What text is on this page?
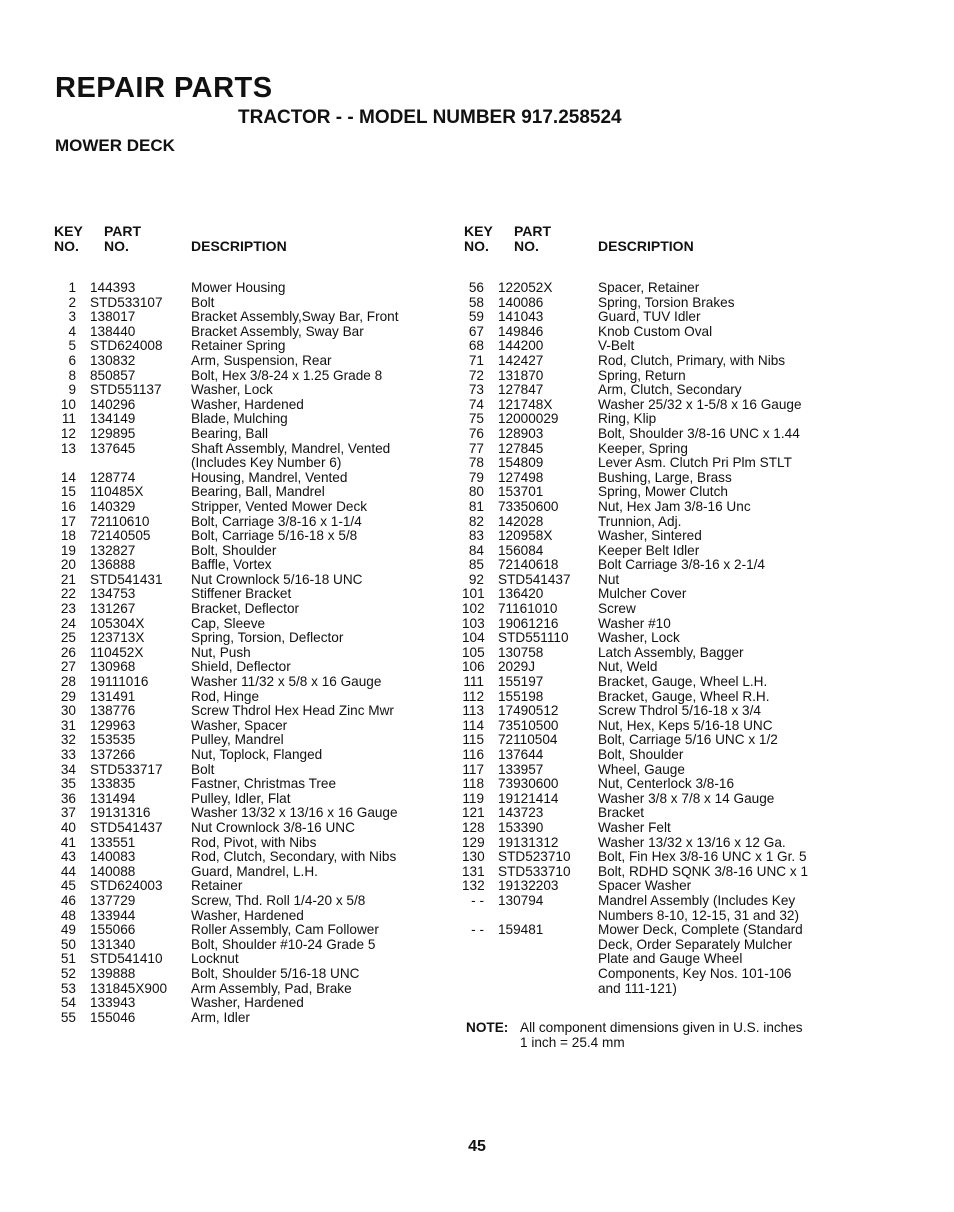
REPAIR PARTS
TRACTOR - - MODEL NUMBER 917.258524
MOWER DECK
KEY PART
NO. NO.	DESCRIPTION
1	144393	Mower Housing
2	STD533107	Bolt
3	138017	Bracket Assembly,Sway Bar, Front
4	138440	Bracket Assembly, Sway Bar
5	STD624008	Retainer Spring
6	130832	Arm, Suspension, Rear
8	850857	Bolt, Hex 3/8-24 x 1.25 Grade 8
9	STD551137	Washer, Lock
10	140296	Washer, Hardened
11	134149	Blade, Mulching
12	129895	Bearing, Ball
13	137645	Shaft Assembly, Mandrel, Vented
(Includes Key Number 6)
14	128774	Housing, Mandrel, Vented
15	110485X	Bearing, Ball, Mandrel
16	140329	Stripper, Vented Mower Deck
17	72110610	Bolt, Carriage 3/8-16 x 1-1/4
18	72140505	Bolt, Carriage 5/16-18 x 5/8
19	132827	Bolt, Shoulder
20	136888	Baffle, Vortex
21	STD541431	Nut Crownlock 5/16-18 UNC
22	134753	Stiffener Bracket
23	131267	Bracket, Deflector
24	105304X	Cap, Sleeve
25	123713X	Spring, Torsion, Deflector
26	110452X	Nut, Push
27	130968	Shield, Deflector
28	19111016	Washer 11/32 x 5/8 x 16 Gauge
29	131491	Rod, Hinge
30	138776	Screw Thdrol Hex Head Zinc Mwr
31	129963	Washer, Spacer
32	153535	Pulley, Mandrel
33	137266	Nut, Toplock, Flanged
34	STD533717	Bolt
35	133835	Fastner, Christmas Tree
36	131494	Pulley, Idler, Flat
37	19131316	Washer 13/32 x 13/16 x 16 Gauge
40	STD541437	Nut Crownlock 3/8-16 UNC
41	133551	Rod, Pivot, with Nibs
43	140083	Rod, Clutch, Secondary, with Nibs
44	140088	Guard, Mandrel, L.H.
45	STD624003	Retainer
46	137729	Screw, Thd. Roll 1/4-20 x 5/8
48	133944	Washer, Hardened
49	155066	Roller Assembly, Cam Follower
50	131340	Bolt, Shoulder #10-24 Grade 5
51	STD541410	Locknut
52	139888	Bolt, Shoulder 5/16-18 UNC
53	131845X900	Arm Assembly, Pad, Brake
54	133943	Washer, Hardened
55	155046	Arm, Idler
KEY PART
NO. NO.	DESCRIPTION
56	122052X	Spacer, Retainer
58	140086	Spring, Torsion Brakes
59	141043	Guard, TUV Idler
67	149846	Knob Custom Oval
68	144200	V-Belt
71	142427	Rod, Clutch, Primary, with Nibs
72	131870	Spring, Return
73	127847	Arm, Clutch, Secondary
74	121748X	Washer 25/32 x 1-5/8 x 16 Gauge
75	12000029	Ring, Klip
76	128903	Bolt, Shoulder 3/8-16 UNC x 1.44
77	127845	Keeper, Spring
78	154809	Lever Asm. Clutch Pri Plm STLT
79	127498	Bushing, Large, Brass
80	153701	Spring, Mower Clutch
81	73350600	Nut, Hex Jam 3/8-16 Unc
82	142028	Trunnion, Adj.
83	120958X	Washer, Sintered
84	156084	Keeper Belt Idler
85	72140618	Bolt Carriage 3/8-16 x 2-1/4
92	STD541437	Nut
101 136420	Mulcher Cover
102 71161010	Screw
103 19061216	Washer #10
104 STD551110	Washer, Lock
105 130758	Latch Assembly, Bagger
106 2029J	Nut, Weld
111	155197	Bracket, Gauge, Wheel L.H.
112	155198	Bracket, Gauge, Wheel R.H.
113	17490512	Screw Thdrol 5/16-18 x 3/4
114	73510500	Nut, Hex, Keps 5/16-18 UNC
115	72110504	Bolt, Carriage 5/16 UNC x 1/2
116	137644	Bolt, Shoulder
117	133957	Wheel, Gauge
118	73930600	Nut, Centerlock 3/8-16
119	19121414	Washer 3/8 x 7/8 x 14 Gauge
121 143723	Bracket
128 153390	Washer Felt
129 19131312	Washer 13/32 x 13/16 x 12 Ga.
130 STD523710	Bolt, Fin Hex 3/8-16 UNC x 1 Gr. 5
131 STD533710	Bolt, RDHD SQNK 3/8-16 UNC x 1
132 19132203	Spacer Washer
- -	130794	Mandrel Assembly (Includes Key
Numbers 8-10, 12-15, 31 and 32)
- -	159481	Mower Deck, Complete (Standard
Deck, Order Separately Mulcher
Plate and Gauge Wheel
Components, Key Nos. 101-106
and 111-121)
NOTE: All component dimensions given in U.S. inches
1 inch = 25.4 mm
45
